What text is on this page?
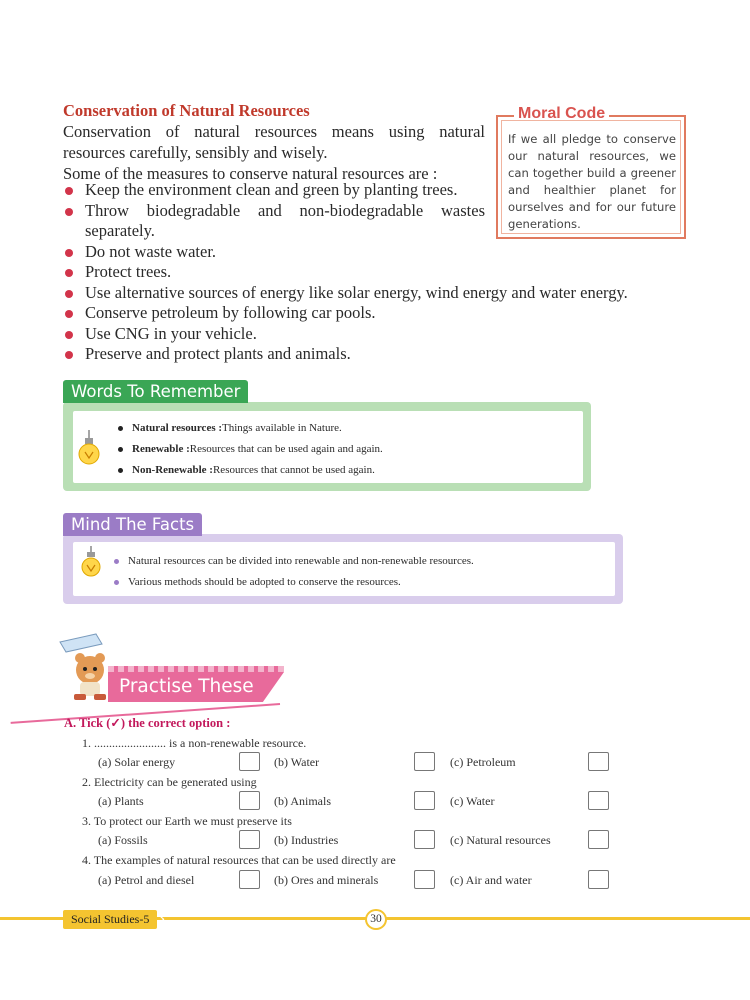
Conservation of Natural Resources

Conservation of natural resources means using natural resources carefully, sensibly and wisely.

Some of the measures to conserve natural resources are :

Keep the environment clean and green by planting trees.
Throw biodegradable and non-biodegradable wastes separately.
Do not waste water.
Protect trees.
Use alternative sources of energy like solar energy, wind energy and water energy.
Conserve petroleum by following car pools.
Use CNG in your vehicle.
Preserve and protect plants and animals.
Moral Code
If we all pledge to conserve our natural resources, we can together build a greener and healthier planet for ourselves and for our future generations.
Words To Remember
Natural resources :Things available in Nature.
Renewable :Resources that can be used again and again.
Non-Renewable :Resources that cannot be used again.
Mind The Facts
Natural resources can be divided into renewable and non-renewable resources.
Various methods should be adopted to conserve the resources.
Practise These
A. Tick (✓) the correct option :
1. ........................ is a non-renewable resource.
(a) Solar energy	(b) Water	(c) Petroleum
2. Electricity can be generated using
(a) Plants	(b) Animals	(c) Water
3. To protect our Earth we must preserve its
(a) Fossils	(b) Industries	(c) Natural resources
4. The examples of natural resources that can be used directly are
(a) Petrol and diesel	(b) Ores and minerals	(c) Air and water
Social Studies-5 ›	30
